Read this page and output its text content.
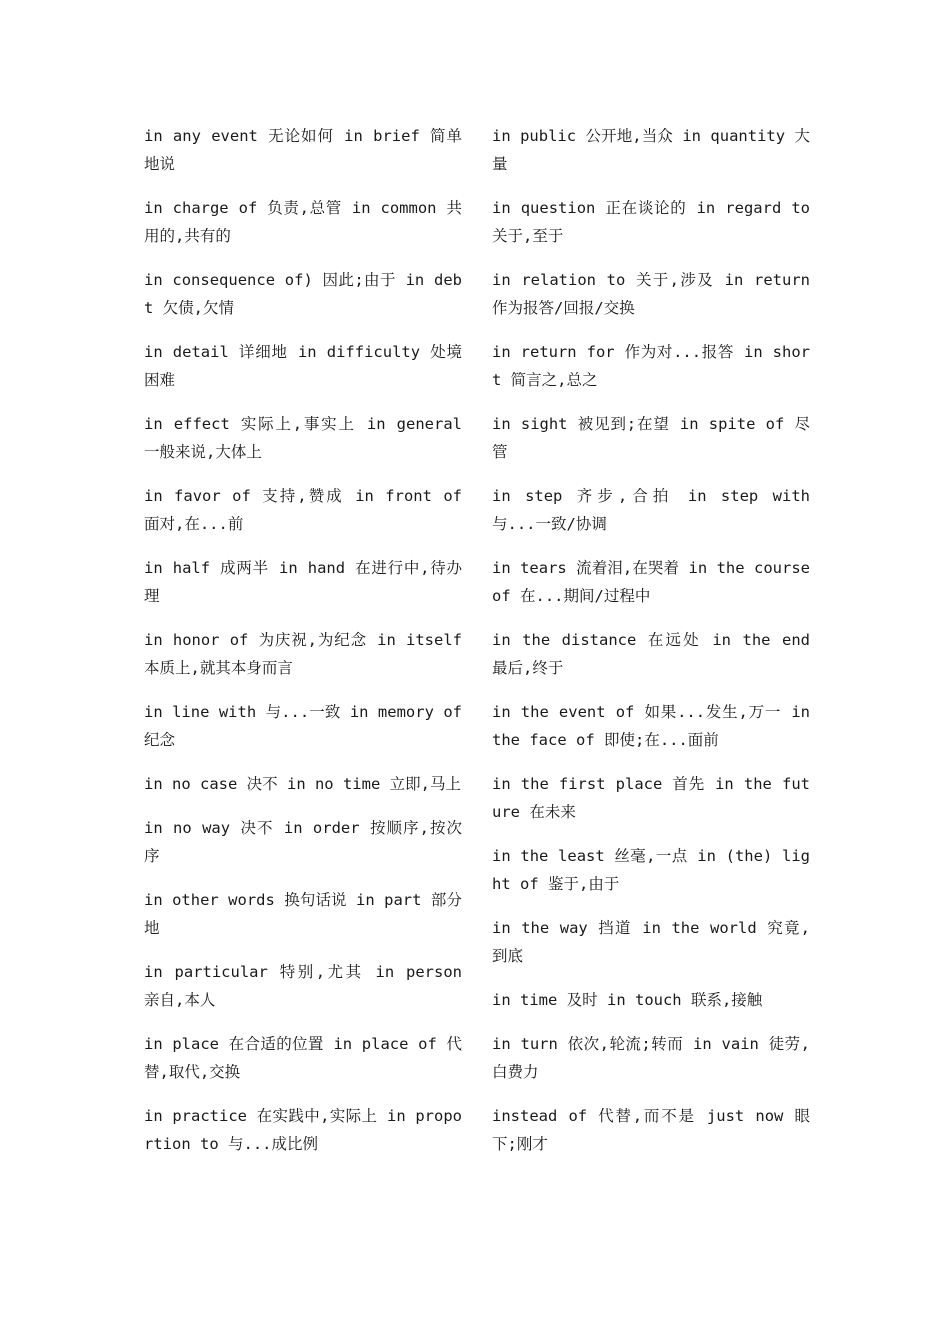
in any event 无论如何 in brief 简单地说

in charge of 负责,总管 in common 共用的,共有的

in consequence of) 因此;由于 in debt 欠债,欠情

in detail 详细地 in difficulty 处境困难

in effect 实际上,事实上 in general 一般来说,大体上

in favor of 支持,赞成 in front of 面对,在...前

in half 成两半 in hand 在进行中,待办理

in honor of 为庆祝,为纪念 in itself 本质上,就其本身而言

in line with 与...一致 in memory of 纪念

in no case 决不 in no time 立即,马上

in no way 决不 in order 按顺序,按次序

in other words 换句话说 in part 部分地

in particular 特别,尤其 in person 亲自,本人

in place 在合适的位置 in place of 代替,取代,交换

in practice 在实践中,实际上 in proportion to 与...成比例

in public 公开地,当众 in quantity 大量

in question 正在谈论的 in regard to 关于,至于

in relation to 关于,涉及 in return 作为报答/回报/交换

in return for 作为对...报答 in short 简言之,总之

in sight 被见到;在望 in spite of 尽管

in step 齐步,合拍 in step with 与...一致/协调

in tears 流着泪,在哭着 in the course of 在...期间/过程中

in the distance 在远处 in the end 最后,终于

in the event of 如果...发生,万一 in the face of 即使;在...面前

in the first place 首先 in the future 在未来

in the least 丝毫,一点 in (the) light of 鉴于,由于

in the way 挡道 in the world 究竟,到底

in time 及时 in touch 联系,接触

in turn 依次,轮流;转而 in vain 徒劳,白费力

instead of 代替,而不是 just now 眼下;刚才
